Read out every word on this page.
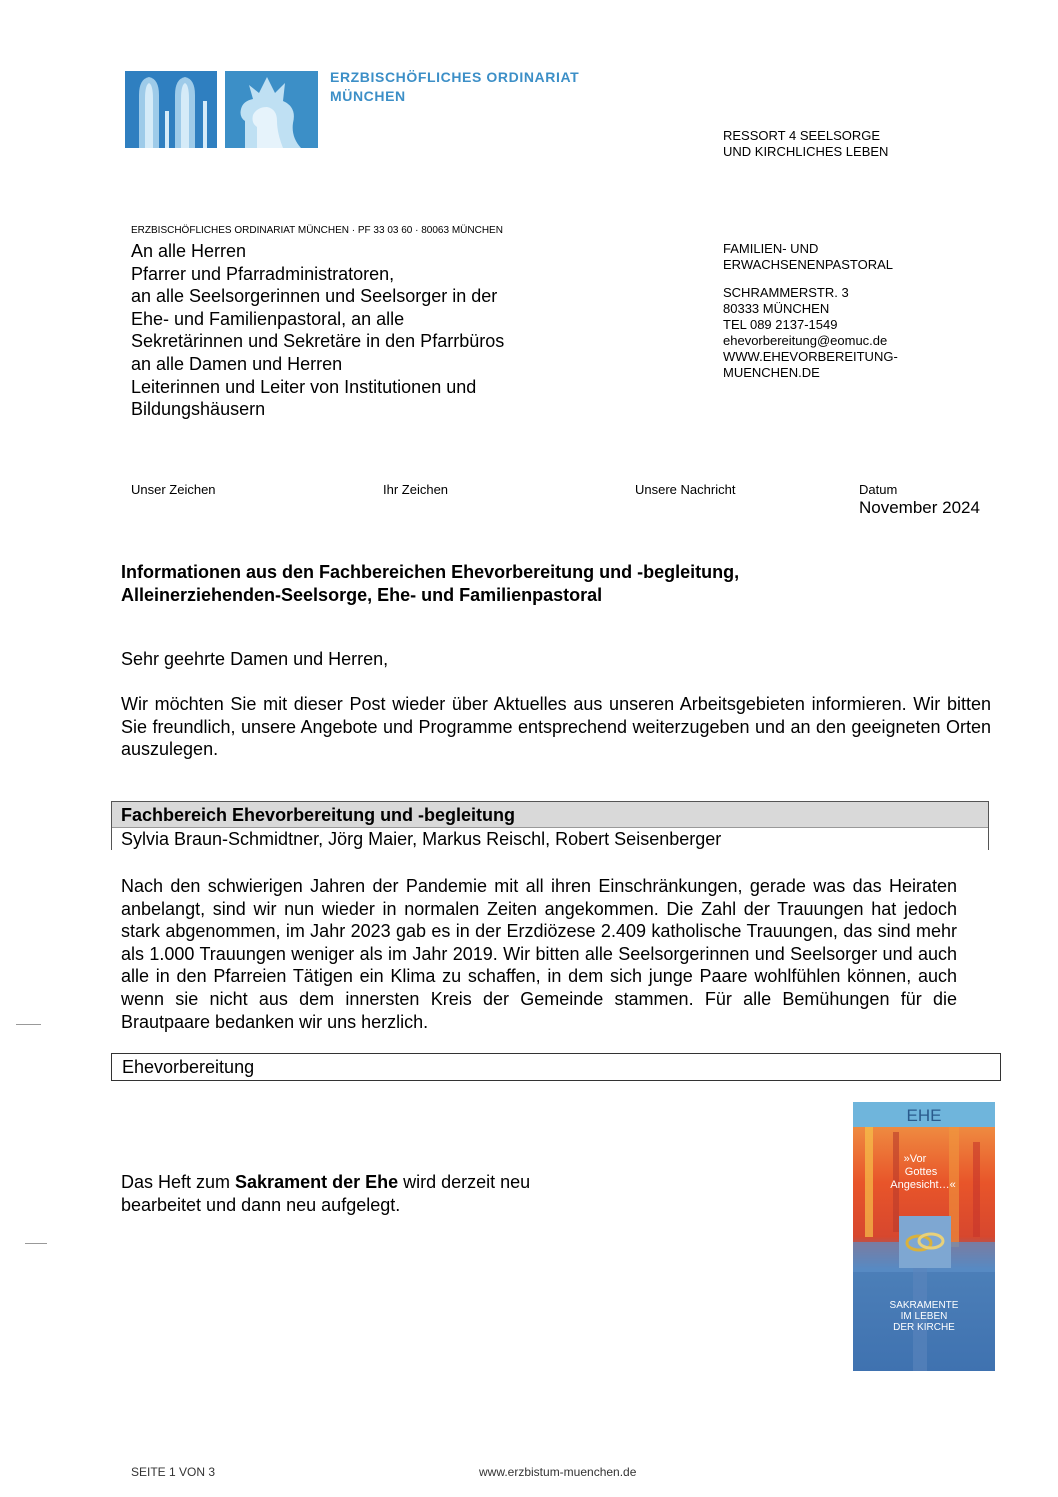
ERZBISCHÖFLICHES ORDINARIAT
MÜNCHEN
RESSORT 4 SEELSORGE
UND KIRCHLICHES LEBEN
ERZBISCHÖFLICHES ORDINARIAT MÜNCHEN · PF 33 03 60 · 80063 MÜNCHEN
An alle Herren
Pfarrer und Pfarradministratoren,
an alle Seelsorgerinnen und Seelsorger in der
Ehe- und Familienpastoral, an alle
Sekretärinnen und Sekretäre in den Pfarrbüros
an alle Damen und Herren
Leiterinnen und Leiter von Institutionen und
Bildungshäusern
FAMILIEN- UND
ERWACHSENENPASTORAL
SCHRAMMERSTR. 3
80333 MÜNCHEN
TEL 089 2137-1549
ehevorbereitung@eomuc.de
WWW.EHEVORBEREITUNG-
MUENCHEN.DE
Unser Zeichen	Ihr Zeichen	Unsere Nachricht	Datum
November 2024
Informationen aus den Fachbereichen Ehevorbereitung und -begleitung,
Alleinerziehenden-Seelsorge, Ehe- und Familienpastoral
Sehr geehrte Damen und Herren,
Wir möchten Sie mit dieser Post wieder über Aktuelles aus unseren Arbeitsgebieten informieren. Wir bitten Sie freundlich, unsere Angebote und Programme entsprechend weiterzugeben und an den geeigneten Orten auszulegen.
Fachbereich Ehevorbereitung und -begleitung
Sylvia Braun-Schmidtner, Jörg Maier, Markus Reischl, Robert Seisenberger
Nach den schwierigen Jahren der Pandemie mit all ihren Einschränkungen, gerade was das Heiraten anbelangt, sind wir nun wieder in normalen Zeiten angekommen. Die Zahl der Trauungen hat jedoch stark abgenommen, im Jahr 2023 gab es in der Erzdiözese 2.409 katholische Trauungen, das sind mehr als 1.000 Trauungen weniger als im Jahr 2019. Wir bitten alle Seelsorgerinnen und Seelsorger und auch alle in den Pfarreien Tätigen ein Klima zu schaffen, in dem sich junge Paare wohlfühlen können, auch wenn sie nicht aus dem innersten Kreis der Gemeinde stammen. Für alle Bemühungen für die Brautpaare bedanken wir uns herzlich.
Ehevorbereitung
Das Heft zum Sakrament der Ehe wird derzeit neu bearbeitet und dann neu aufgelegt.
EHE
»Vor
Gottes
Angesicht…«
SAKRAMENTE
IM LEBEN
DER KIRCHE
SEITE 1 VON 3	www.erzbistum-muenchen.de
